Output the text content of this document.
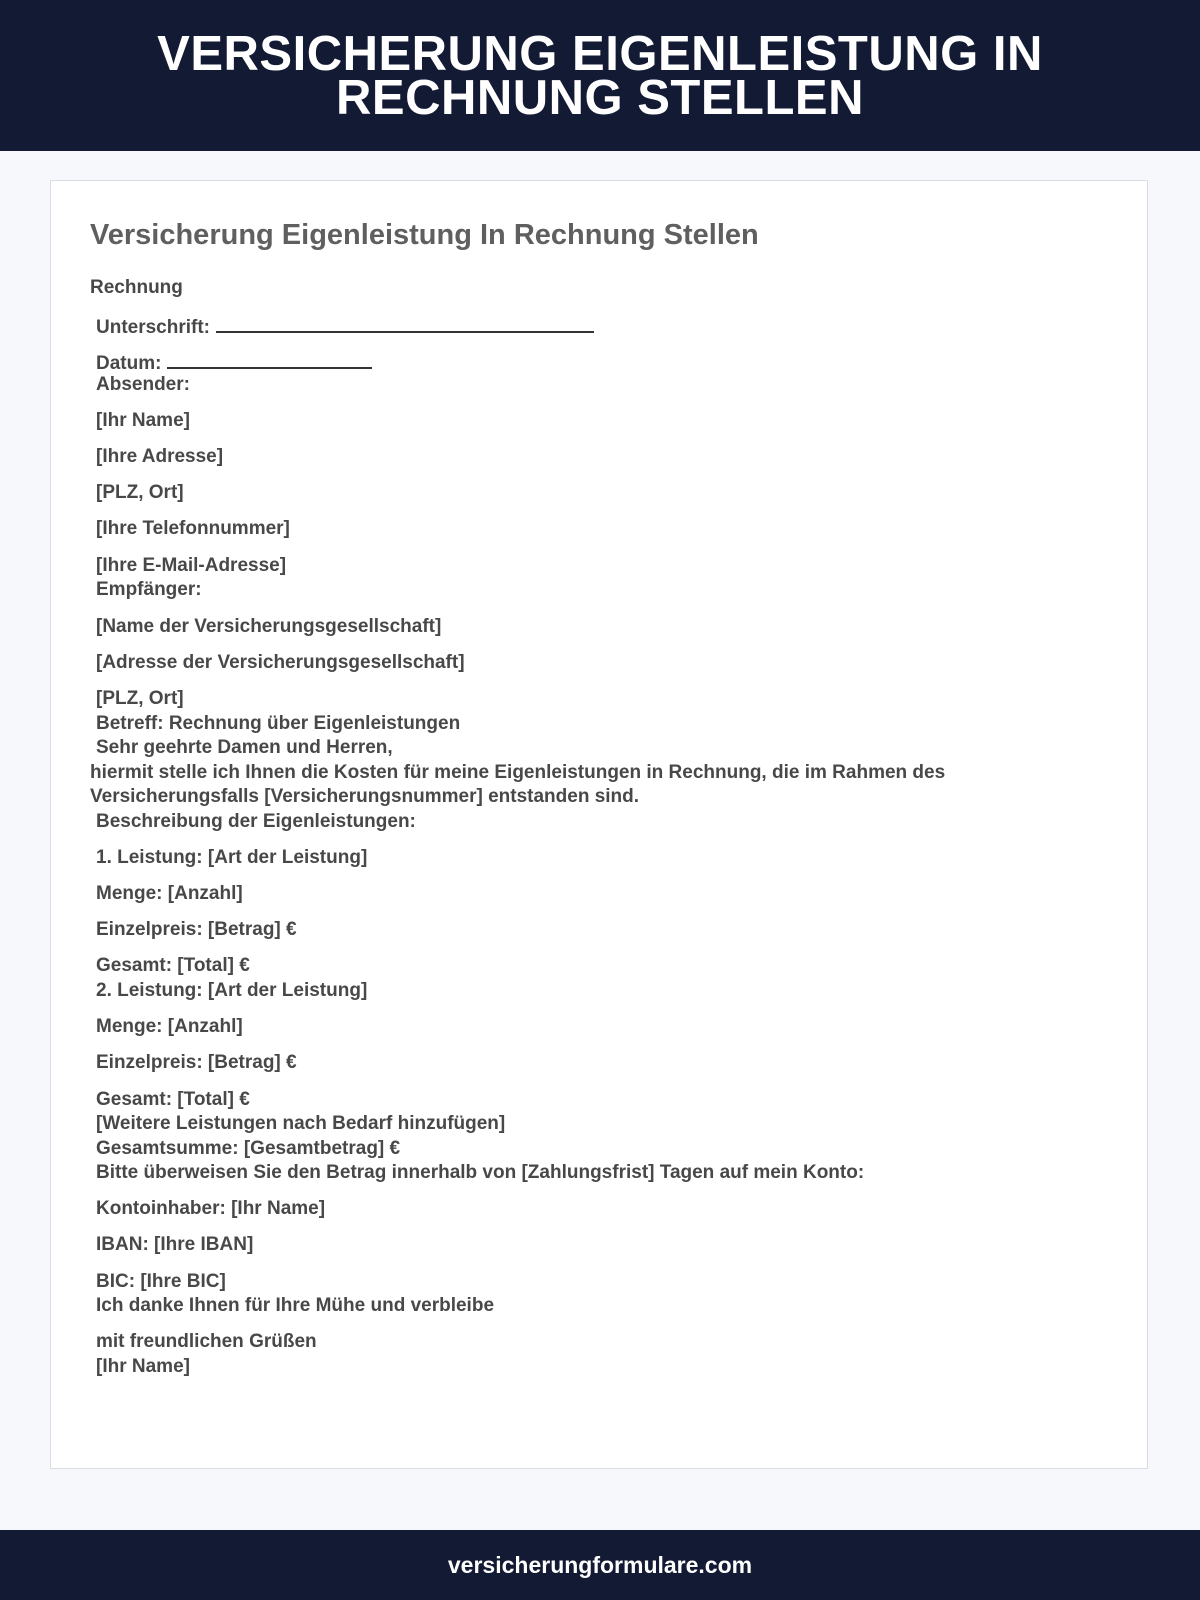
VERSICHERUNG EIGENLEISTUNG IN RECHNUNG STELLEN
Versicherung Eigenleistung In Rechnung Stellen
Rechnung
Unterschrift:
Datum:
Absender:
[Ihr Name]
[Ihre Adresse]
[PLZ, Ort]
[Ihre Telefonnummer]
[Ihre E-Mail-Adresse]
Empfänger:
[Name der Versicherungsgesellschaft]
[Adresse der Versicherungsgesellschaft]
[PLZ, Ort]
Betreff: Rechnung über Eigenleistungen
Sehr geehrte Damen und Herren,
hiermit stelle ich Ihnen die Kosten für meine Eigenleistungen in Rechnung, die im Rahmen des
Versicherungsfalls [Versicherungsnummer] entstanden sind.
Beschreibung der Eigenleistungen:
1. Leistung: [Art der Leistung]
Menge: [Anzahl]
Einzelpreis: [Betrag] €
Gesamt: [Total] €
2. Leistung: [Art der Leistung]
Menge: [Anzahl]
Einzelpreis: [Betrag] €
Gesamt: [Total] €
[Weitere Leistungen nach Bedarf hinzufügen]
Gesamtsumme: [Gesamtbetrag] €
Bitte überweisen Sie den Betrag innerhalb von [Zahlungsfrist] Tagen auf mein Konto:
Kontoinhaber: [Ihr Name]
IBAN: [Ihre IBAN]
BIC: [Ihre BIC]
Ich danke Ihnen für Ihre Mühe und verbleibe
mit freundlichen Grüßen
[Ihr Name]
versicherungformulare.com
